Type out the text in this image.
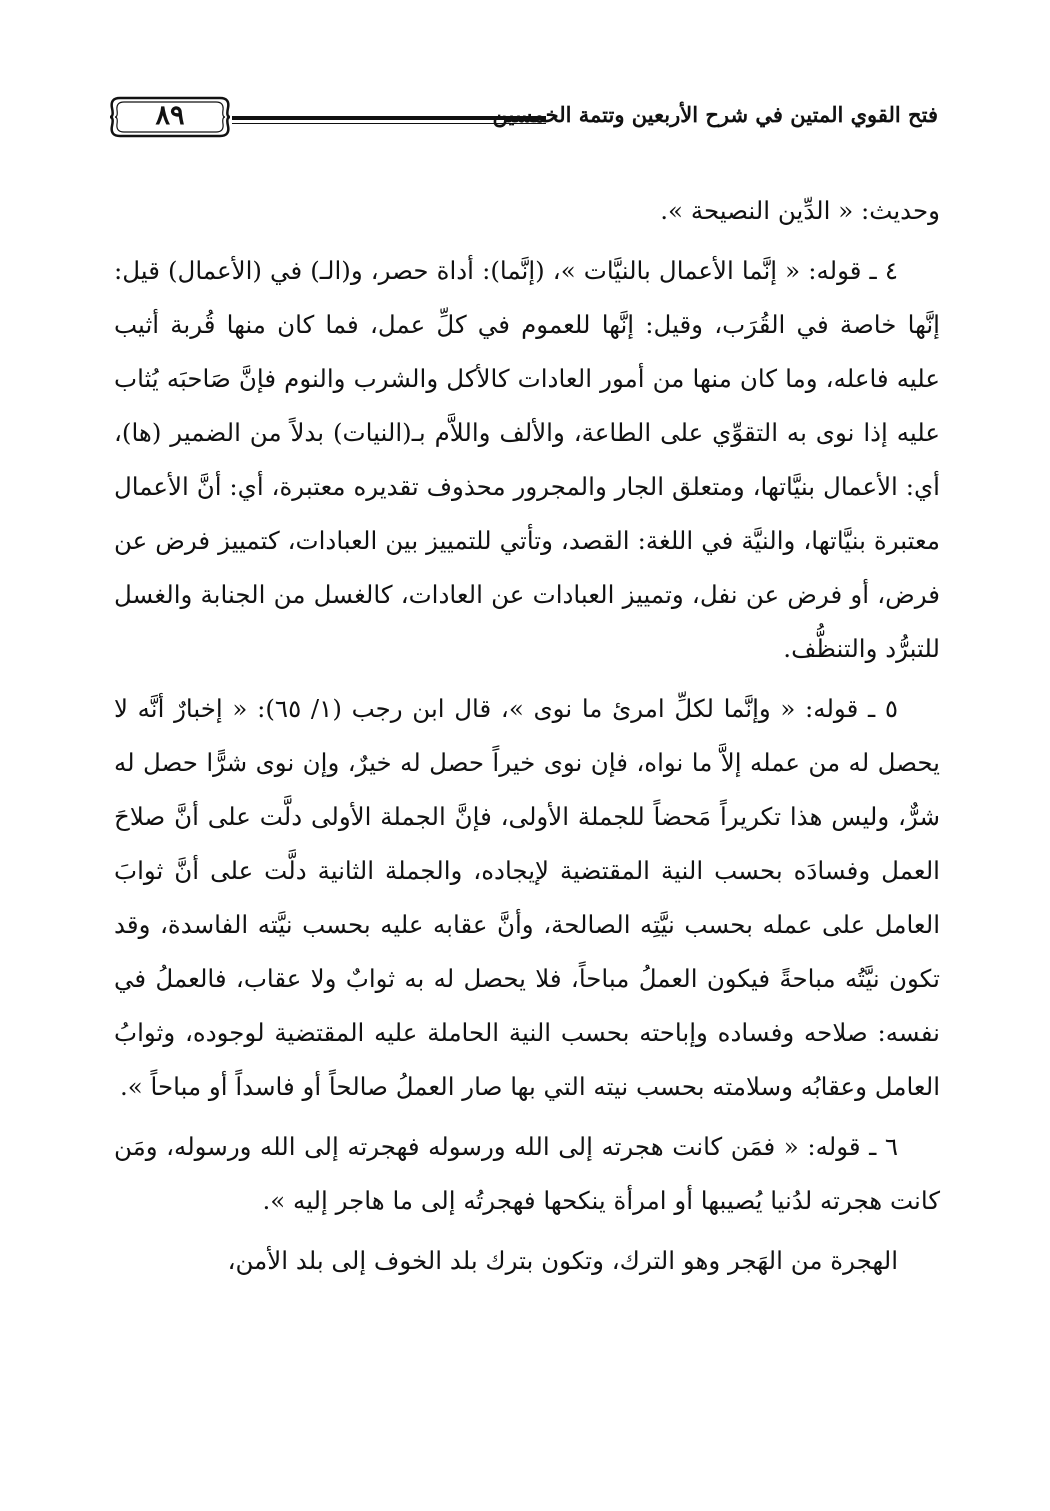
فتح القوي المتين في شرح الأربعين وتتمة الخمسين
٨٩

وحديث: « الدِّين النصيحة ».

٤ ـ قوله: « إنَّما الأعمال بالنيَّات »، (إنَّما): أداة حصر، و(الـ) في (الأعمال) قيل: إنَّها خاصة في القُرَب، وقيل: إنَّها للعموم في كلِّ عمل، فما كان منها قُربة أثيب عليه فاعله، وما كان منها من أمور العادات كالأكل والشرب والنوم فإنَّ صَاحبَه يُثاب عليه إذا نوى به التقوِّي على الطاعة، والألف واللاَّم بـ(النيات) بدلاً من الضمير (ها)، أي: الأعمال بنيَّاتها، ومتعلق الجار والمجرور محذوف تقديره معتبرة، أي: أنَّ الأعمال معتبرة بنيَّاتها، والنيَّة في اللغة: القصد، وتأتي للتمييز بين العبادات، كتمييز فرض عن فرض، أو فرض عن نفل، وتمييز العبادات عن العادات، كالغسل من الجنابة والغسل للتبرُّد والتنظُّف.

٥ ـ قوله: « وإنَّما لكلِّ امرئ ما نوى »، قال ابن رجب (١/ ٦٥): « إخبارٌ أنَّه لا يحصل له من عمله إلاَّ ما نواه، فإن نوى خيراً حصل له خيرٌ، وإن نوى شرًّا حصل له شرٌّ، وليس هذا تكريراً مَحضاً للجملة الأولى، فإنَّ الجملة الأولى دلَّت على أنَّ صلاحَ العمل وفسادَه بحسب النية المقتضية لإيجاده، والجملة الثانية دلَّت على أنَّ ثوابَ العامل على عمله بحسب نيَّتِه الصالحة، وأنَّ عقابه عليه بحسب نيَّته الفاسدة، وقد تكون نيَّتُه مباحةً فيكون العملُ مباحاً، فلا يحصل له به ثوابٌ ولا عقاب، فالعملُ في نفسه: صلاحه وفساده وإباحته بحسب النية الحاملة عليه المقتضية لوجوده، وثوابُ العامل وعقابُه وسلامته بحسب نيته التي بها صار العملُ صالحاً أو فاسداً أو مباحاً ».

٦ ـ قوله: « فمَن كانت هجرته إلى الله ورسوله فهجرته إلى الله ورسوله، ومَن كانت هجرته لدُنيا يُصيبها أو امرأة ينكحها فهجرتُه إلى ما هاجر إليه ».

الهجرة من الهَجر وهو الترك، وتكون بترك بلد الخوف إلى بلد الأمن،
